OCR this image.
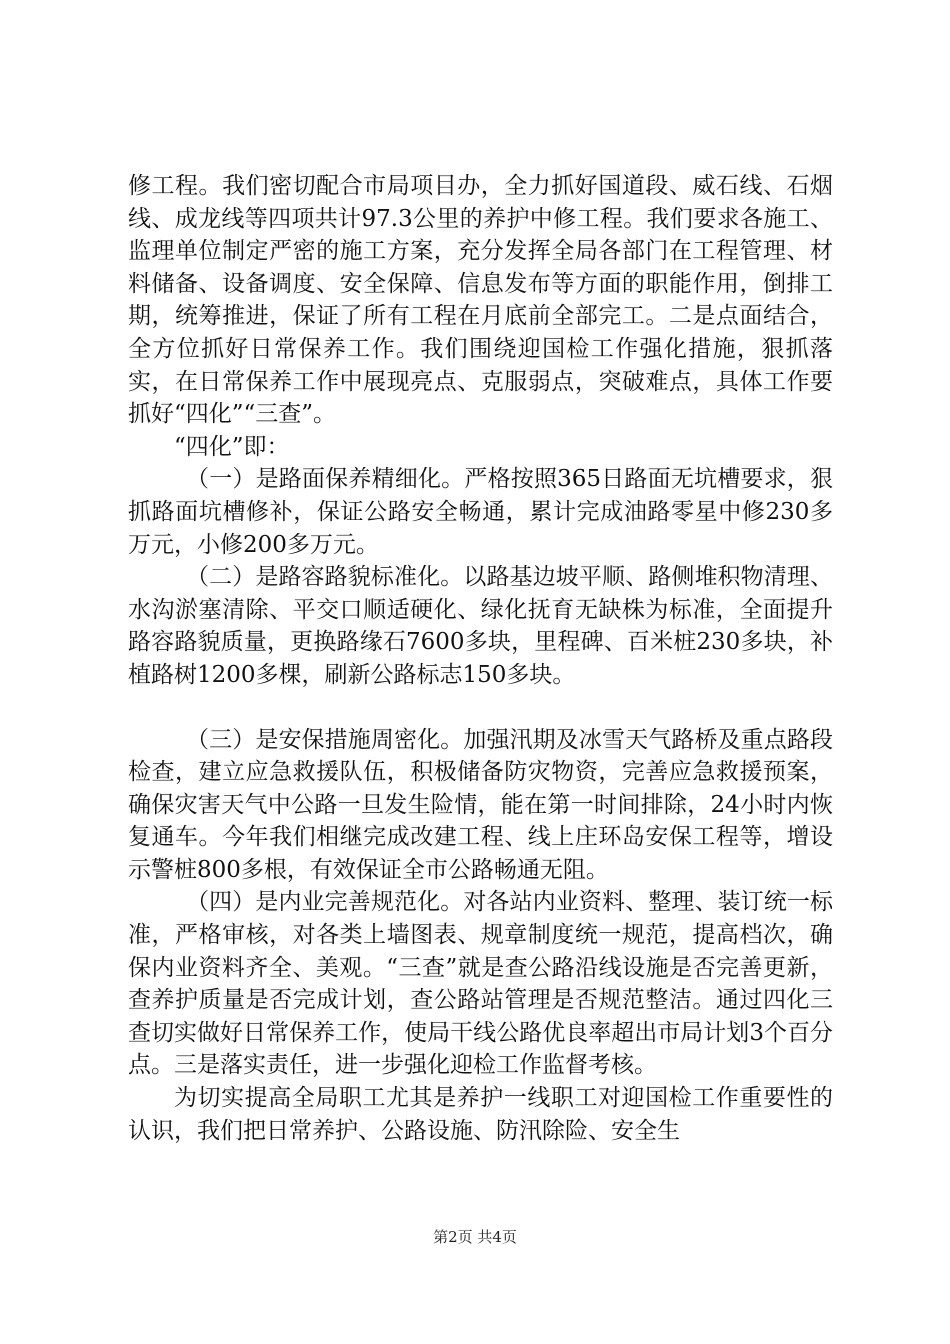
修工程。我们密切配合市局项目办，全力抓好国道段、威石线、石烟线、成龙线等四项共计97.3公里的养护中修工程。我们要求各施工、监理单位制定严密的施工方案，充分发挥全局各部门在工程管理、材料储备、设备调度、安全保障、信息发布等方面的职能作用，倒排工期，统筹推进，保证了所有工程在月底前全部完工。二是点面结合，全方位抓好日常保养工作。我们围绕迎国检工作强化措施，狠抓落实，在日常保养工作中展现亮点、克服弱点，突破难点，具体工作要抓好“四化”“三查”。

“四化”即：

（一）是路面保养精细化。严格按照365日路面无坑槽要求，狠抓路面坑槽修补，保证公路安全畅通，累计完成油路零星中修230多万元，小修200多万元。

（二）是路容路貌标准化。以路基边坡平顺、路侧堆积物清理、水沟淤塞清除、平交口顺适硬化、绿化抚育无缺株为标准，全面提升路容路貌质量，更换路缘石7600多块，里程碑、百米桩230多块，补植路树1200多棵，刷新公路标志150多块。

（三）是安保措施周密化。加强汛期及冰雪天气路桥及重点路段检查，建立应急救援队伍，积极储备防灾物资，完善应急救援预案，确保灾害天气中公路一旦发生险情，能在第一时间排除，24小时内恢复通车。今年我们相继完成改建工程、线上庄环岛安保工程等，增设示警桩800多根，有效保证全市公路畅通无阻。

（四）是内业完善规范化。对各站内业资料、整理、装订统一标准，严格审核，对各类上墙图表、规章制度统一规范，提高档次，确保内业资料齐全、美观。“三查”就是查公路沿线设施是否完善更新，查养护质量是否完成计划，查公路站管理是否规范整洁。通过四化三查切实做好日常保养工作，使局干线公路优良率超出市局计划3个百分点。三是落实责任，进一步强化迎检工作监督考核。

为切实提高全局职工尤其是养护一线职工对迎国检工作重要性的认识，我们把日常养护、公路设施、防汛除险、安全生

第2页 共4页
